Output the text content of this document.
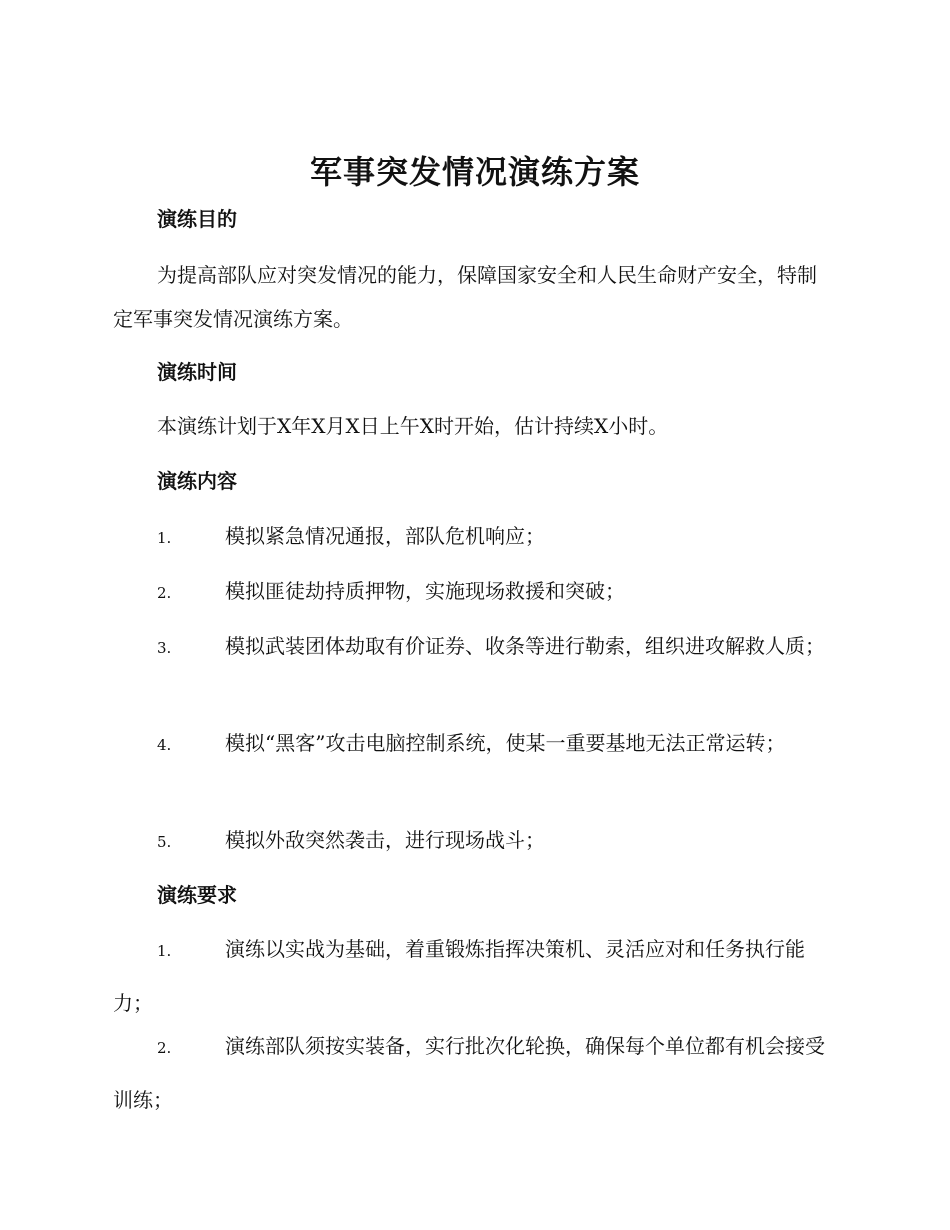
军事突发情况演练方案
演练目的

为提高部队应对突发情况的能力，保障国家安全和人民生命财产安全，特制定军事突发情况演练方案。

演练时间

本演练计划于X年X月X日上午X时开始，估计持续X小时。

演练内容
1.	模拟紧急情况通报，部队危机响应；
2.	模拟匪徒劫持质押物，实施现场救援和突破；
3.	模拟武装团体劫取有价证券、收条等进行勒索，组织进攻解救人质；
4.	模拟“黑客”攻击电脑控制系统，使某一重要基地无法正常运转；
5.	模拟外敌突然袭击，进行现场战斗；
演练要求
1.	演练以实战为基础，着重锻炼指挥决策机、灵活应对和任务执行能力；
2.	演练部队须按实装备，实行批次化轮换，确保每个单位都有机会接受训练；
